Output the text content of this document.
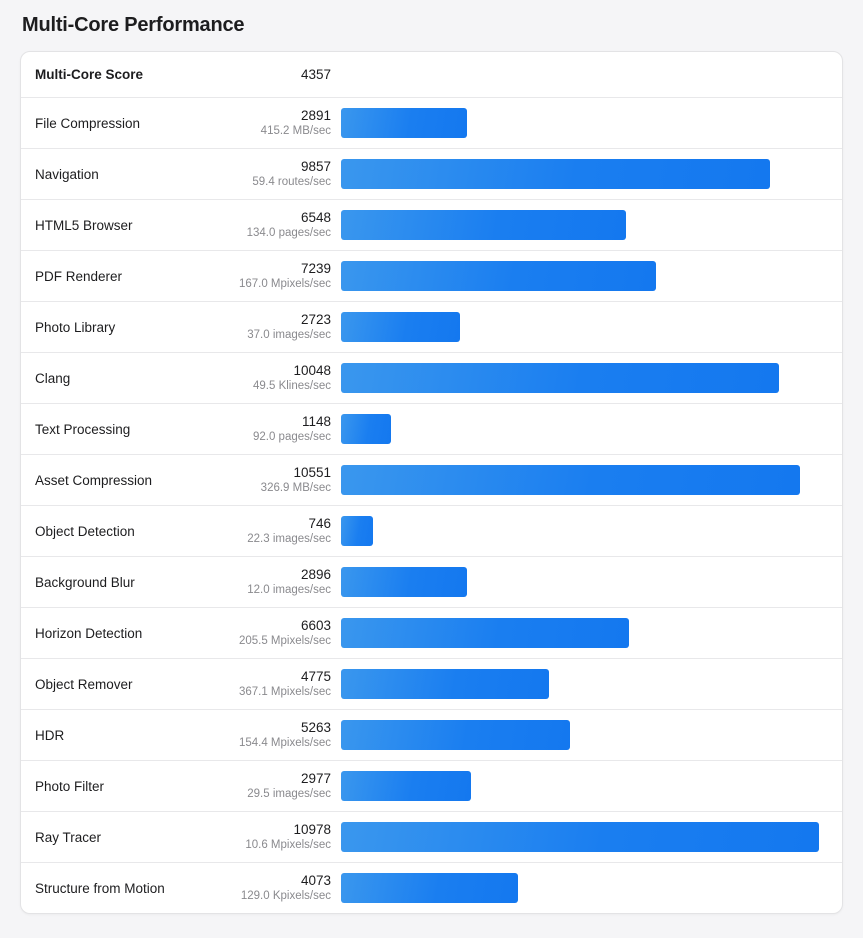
Multi-Core Performance
Multi-Core Score	4357
File Compression
2891
415.2 MB/sec
Navigation
9857
59.4 routes/sec
HTML5 Browser
6548
134.0 pages/sec
PDF Renderer
7239
167.0 Mpixels/sec
Photo Library
2723
37.0 images/sec
Clang
10048
49.5 Klines/sec
Text Processing
1148
92.0 pages/sec
Asset Compression
10551
326.9 MB/sec
Object Detection
746
22.3 images/sec
Background Blur
2896
12.0 images/sec
Horizon Detection
6603
205.5 Mpixels/sec
Object Remover
4775
367.1 Mpixels/sec
HDR
5263
154.4 Mpixels/sec
Photo Filter
2977
29.5 images/sec
Ray Tracer
10978
10.6 Mpixels/sec
Structure from Motion
4073
129.0 Kpixels/sec
